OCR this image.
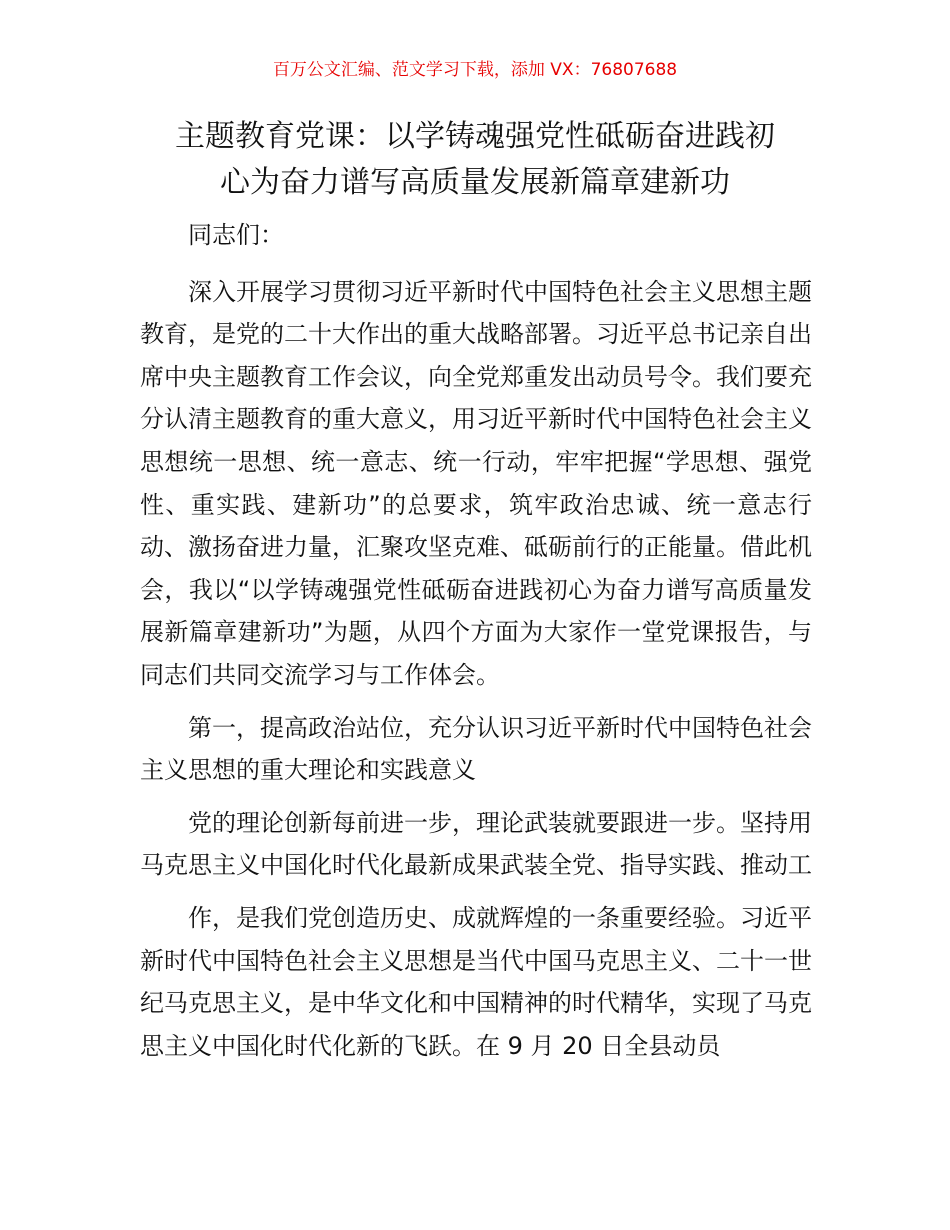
百万公文汇编、范文学习下载，添加 VX：76807688
主题教育党课：以学铸魂强党性砥砺奋进践初
心为奋力谱写高质量发展新篇章建新功

同志们：

深入开展学习贯彻习近平新时代中国特色社会主义思想主题教育，是党的二十大作出的重大战略部署。习近平总书记亲自出席中央主题教育工作会议，向全党郑重发出动员号令。我们要充分认清主题教育的重大意义，用习近平新时代中国特色社会主义思想统一思想、统一意志、统一行动，牢牢把握“学思想、强党性、重实践、建新功”的总要求，筑牢政治忠诚、统一意志行动、激扬奋进力量，汇聚攻坚克难、砥砺前行的正能量。借此机会，我以“以学铸魂强党性砥砺奋进践初心为奋力谱写高质量发展新篇章建新功”为题，从四个方面为大家作一堂党课报告，与同志们共同交流学习与工作体会。

第一，提高政治站位，充分认识习近平新时代中国特色社会主义思想的重大理论和实践意义

党的理论创新每前进一步，理论武装就要跟进一步。坚持用马克思主义中国化时代化最新成果武装全党、指导实践、推动工

作，是我们党创造历史、成就辉煌的一条重要经验。习近平新时代中国特色社会主义思想是当代中国马克思主义、二十一世纪马克思主义，是中华文化和中国精神的时代精华，实现了马克思主义中国化时代化新的飞跃。在 9 月 20 日全县动员
